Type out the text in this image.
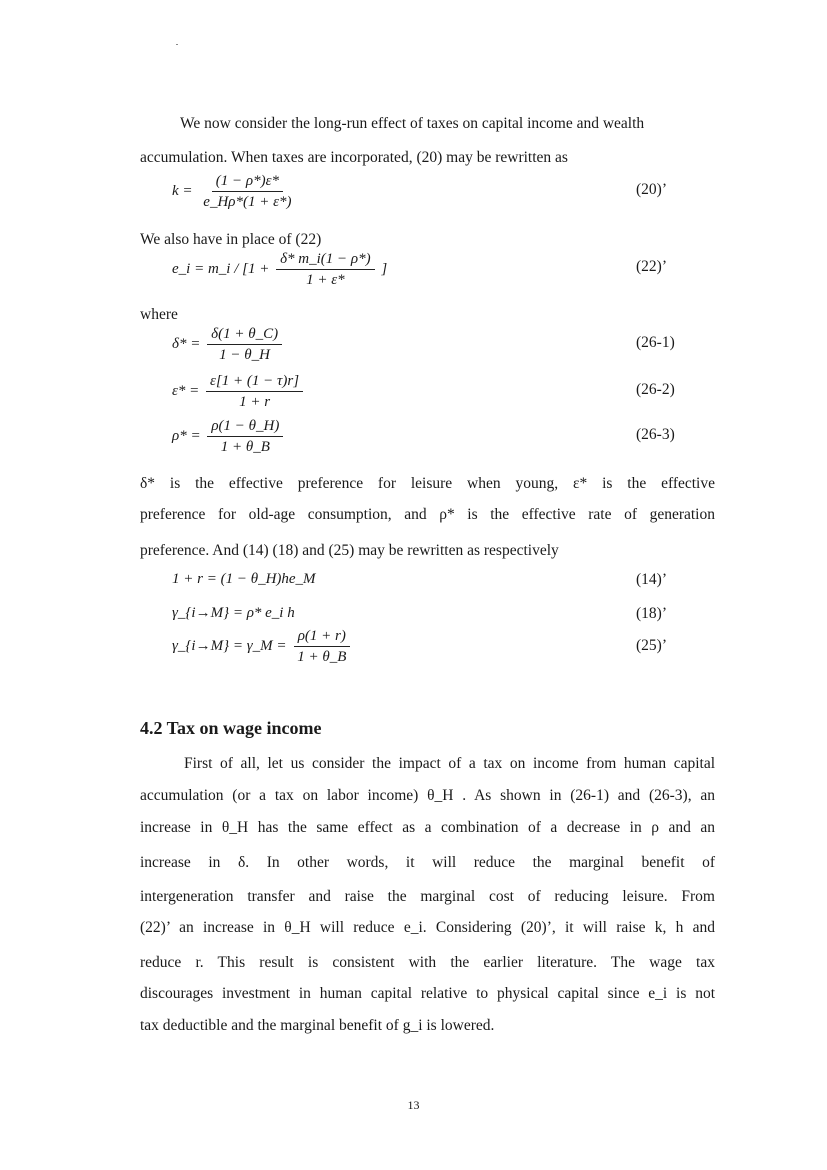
We now consider the long-run effect of taxes on capital income and wealth
accumulation. When taxes are incorporated, (20) may be rewritten as
$k = \frac{(1 - \rho*)\varepsilon*}{e\_H\rho*(1 + \varepsilon*)}$	(20)’
We also have in place of (22)
e_i = m_i / [$1 + \frac{\delta* m\_i(1 - \rho*)}{1 + \varepsilon*}$ ]	(22)’
where
$\delta* = \frac{\delta(1 + \theta\_C)}{1 - \theta\_H}$	(26-1)
$\varepsilon* = \frac{\varepsilon[1 + (1 - \tau)r]}{1 + r}$	(26-2)
$\rho* = \frac{\rho(1 - \theta\_H)}{1 + \theta\_B}$	(26-3)
δ* is the effective preference for leisure when young, ε* is the effective
preference for old-age consumption, and ρ* is the effective rate of generation
preference. And (14) (18) and (25) may be rewritten as respectively
1 + r = (1 − θ_H)he_M	(14)’
γ_{i→M} = ρ* e_i h	(18)’
γ_{i→M} = γ_M = $\frac{\rho(1 + r)}{1 + \theta\_B}$	(25)’
4.2 Tax on wage income
First of all, let us consider the impact of a tax on income from human capital
accumulation (or a tax on labor income) θ_H . As shown in (26-1) and (26-3), an
increase in θ_H has the same effect as a combination of a decrease in ρ and an
increase in δ. In other words, it will reduce the marginal benefit of
intergeneration transfer and raise the marginal cost of reducing leisure. From
(22)’ an increase in θ_H will reduce e_i. Considering (20)’, it will raise k, h and
reduce r. This result is consistent with the earlier literature. The wage tax
discourages investment in human capital relative to physical capital since e_i is not
tax deductible and the marginal benefit of g_i is lowered.
13
